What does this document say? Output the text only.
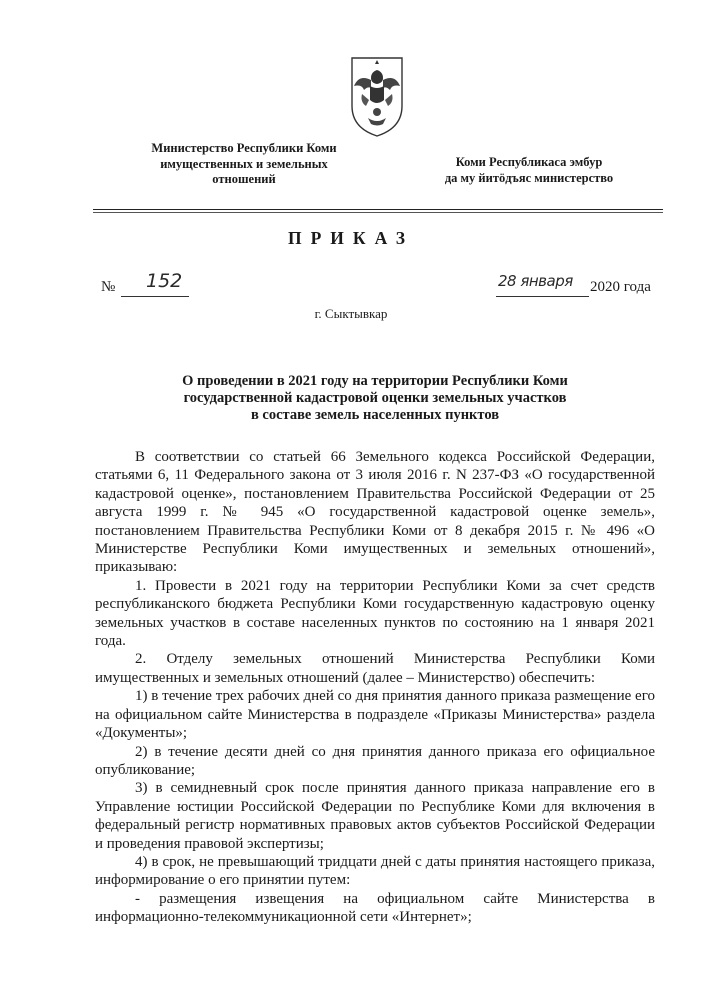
Министерство Республики Коми
имущественных и земельных
отношений
Коми Республикаса эмбур
да му йитöдъяс министерство
ПРИКАЗ
№ 152	28 января 2020 года
г. Сыктывкар
О проведении в 2021 году на территории Республики Коми
государственной кадастровой оценки земельных участков
в составе земель населенных пунктов

В соответствии со статьей 66 Земельного кодекса Российской Федерации, статьями 6, 11 Федерального закона от 3 июля 2016 г. N 237-ФЗ «О государственной кадастровой оценке», постановлением Правительства Российской Федерации от 25 августа 1999 г. № 945 «О государственной кадастровой оценке земель», постановлением Правительства Республики Коми от 8 декабря 2015 г. № 496 «О Министерстве Республики Коми имущественных и земельных отношений», приказываю:

1. Провести в 2021 году на территории Республики Коми за счет средств республиканского бюджета Республики Коми государственную кадастровую оценку земельных участков в составе населенных пунктов по состоянию на 1 января 2021 года.

2. Отделу земельных отношений Министерства Республики Коми имущественных и земельных отношений (далее – Министерство) обеспечить:

1) в течение трех рабочих дней со дня принятия данного приказа размещение его на официальном сайте Министерства в подразделе «Приказы Министерства» раздела «Документы»;

2) в течение десяти дней со дня принятия данного приказа его официальное опубликование;

3) в семидневный срок после принятия данного приказа направление его в Управление юстиции Российской Федерации по Республике Коми для включения в федеральный регистр нормативных правовых актов субъектов Российской Федерации и проведения правовой экспертизы;

4) в срок, не превышающий тридцати дней с даты принятия настоящего приказа, информирование о его принятии путем:

- размещения извещения на официальном сайте Министерства в информационно-телекоммуникационной сети «Интернет»;
